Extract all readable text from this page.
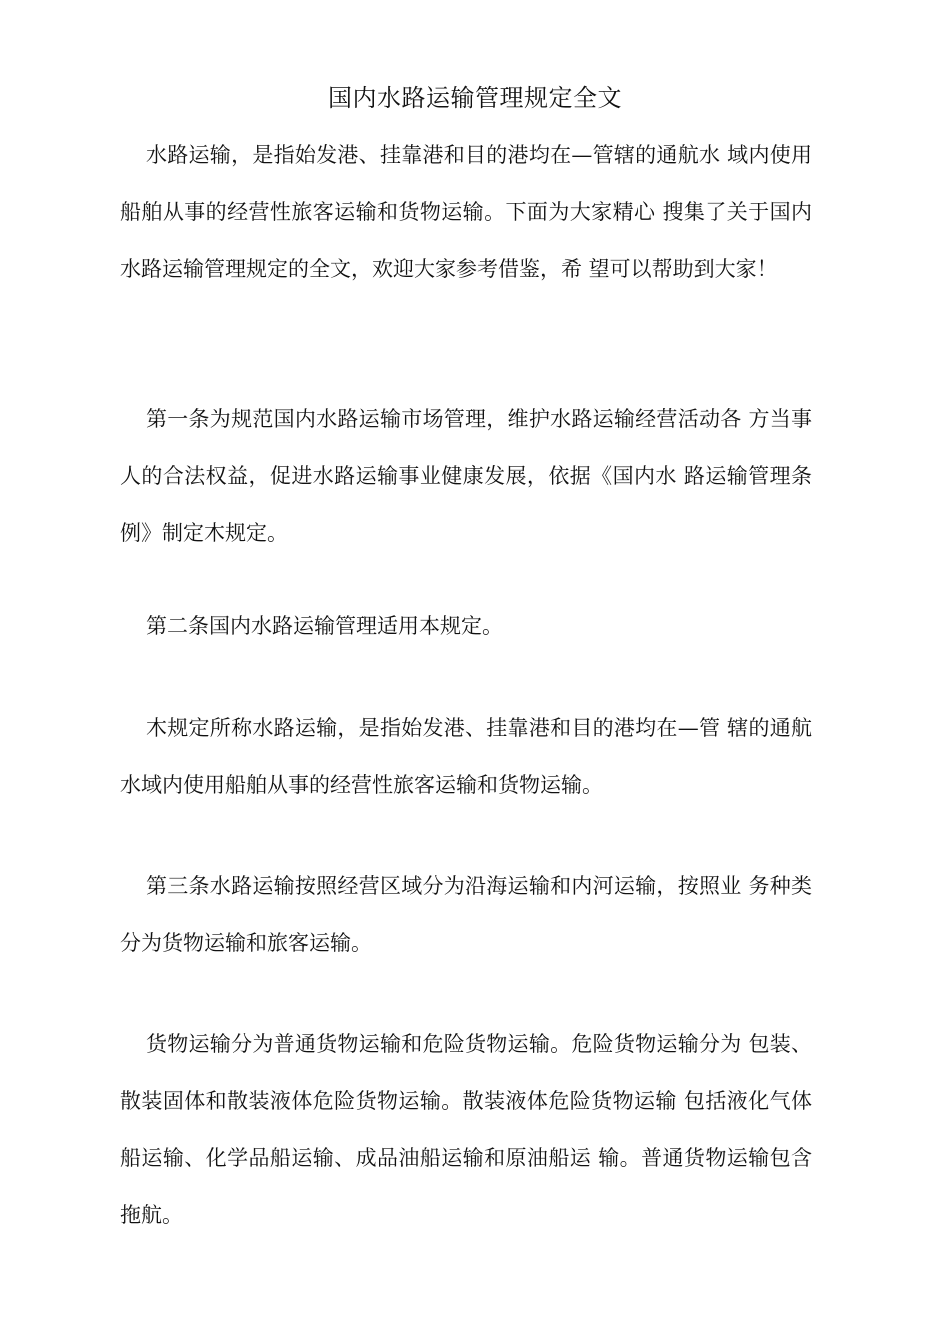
国内水路运输管理规定全文

水路运输，是指始发港、挂靠港和目的港均在—管辖的通航水 域内使用船舶从事的经营性旅客运输和货物运输。下面为大家精心 搜集了关于国内水路运输管理规定的全文，欢迎大家参考借鉴，希 望可以帮助到大家！

第一条为规范国内水路运输市场管理，维护水路运输经营活动各 方当事人的合法权益，促进水路运输事业健康发展，依据《国内水 路运输管理条例》制定木规定。

第二条国内水路运输管理适用本规定。

木规定所称水路运输，是指始发港、挂靠港和目的港均在—管 辖的通航水域内使用船舶从事的经营性旅客运输和货物运输。

第三条水路运输按照经营区域分为沿海运输和内河运输，按照业 务种类分为货物运输和旅客运输。

货物运输分为普通货物运输和危险货物运输。危险货物运输分为 包装、散装固体和散装液体危险货物运输。散装液体危险货物运输 包括液化气体船运输、化学品船运输、成品油船运输和原油船运 输。普通货物运输包含拖航。
